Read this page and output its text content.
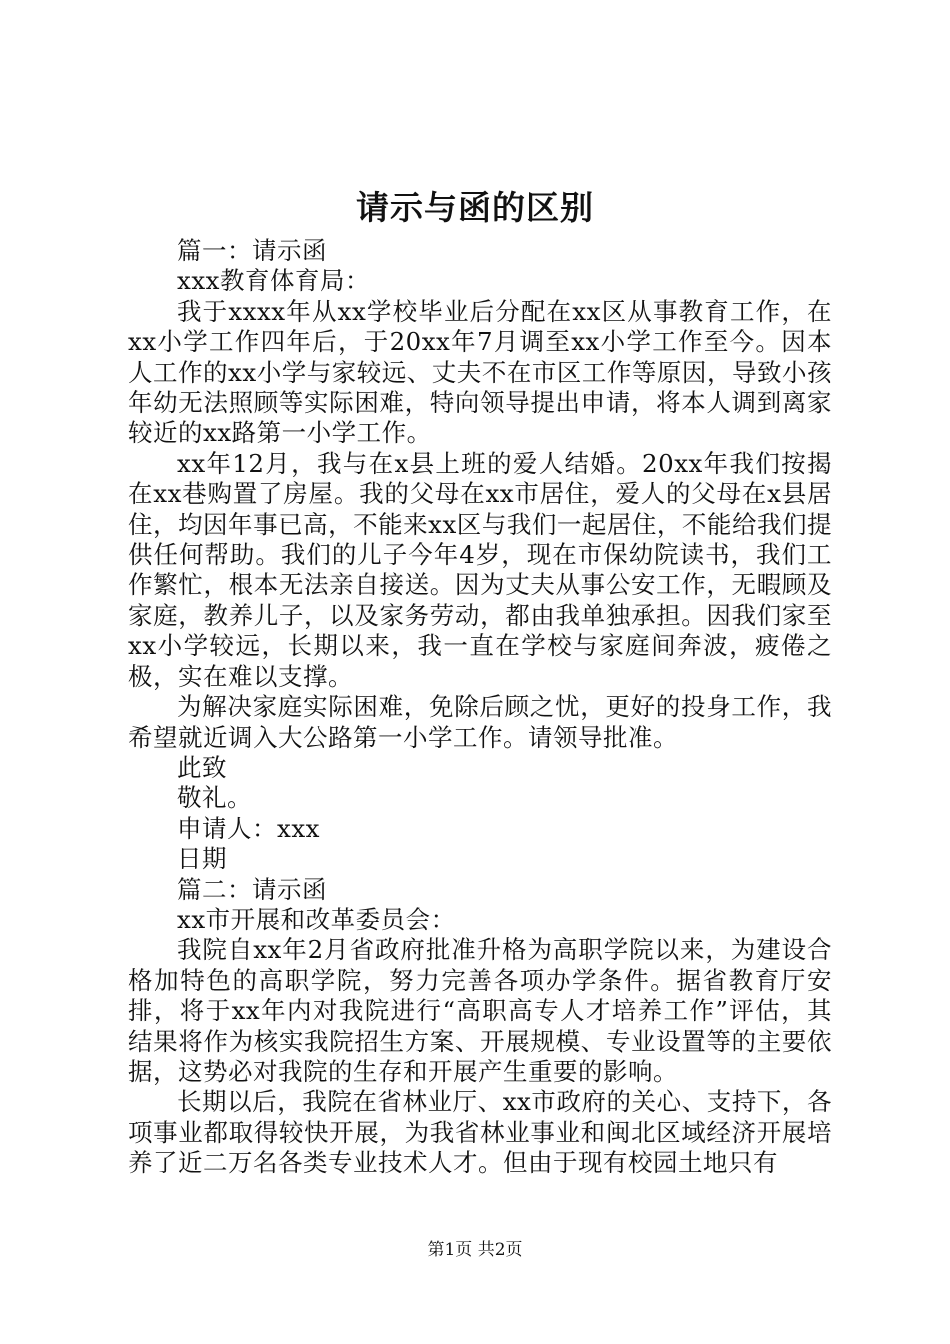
请示与函的区别

篇一：请示函

xxx教育体育局：

我于xxxx年从xx学校毕业后分配在xx区从事教育工作，在xx小学工作四年后，于20xx年7月调至xx小学工作至今。因本人工作的xx小学与家较远、丈夫不在市区工作等原因，导致小孩年幼无法照顾等实际困难，特向领导提出申请，将本人调到离家较近的xx路第一小学工作。

xx年12月，我与在x县上班的爱人结婚。20xx年我们按揭在xx巷购置了房屋。我的父母在xx市居住，爱人的父母在x县居住，均因年事已高，不能来xx区与我们一起居住，不能给我们提供任何帮助。我们的儿子今年4岁，现在市保幼院读书，我们工作繁忙，根本无法亲自接送。因为丈夫从事公安工作，无暇顾及家庭，教养儿子，以及家务劳动，都由我单独承担。因我们家至xx小学较远，长期以来，我一直在学校与家庭间奔波，疲倦之极，实在难以支撑。

为解决家庭实际困难，免除后顾之忧，更好的投身工作，我希望就近调入大公路第一小学工作。请领导批准。

此致

敬礼。

申请人：xxx

日期

篇二：请示函

xx市开展和改革委员会：

我院自xx年2月省政府批准升格为高职学院以来，为建设合格加特色的高职学院，努力完善各项办学条件。据省教育厅安排，将于xx年内对我院进行“高职高专人才培养工作”评估，其结果将作为核实我院招生方案、开展规模、专业设置等的主要依据，这势必对我院的生存和开展产生重要的影响。

长期以后，我院在省林业厅、xx市政府的关心、支持下，各项事业都取得较快开展，为我省林业事业和闽北区域经济开展培养了近二万名各类专业技术人才。但由于现有校园土地只有

第1页 共2页
